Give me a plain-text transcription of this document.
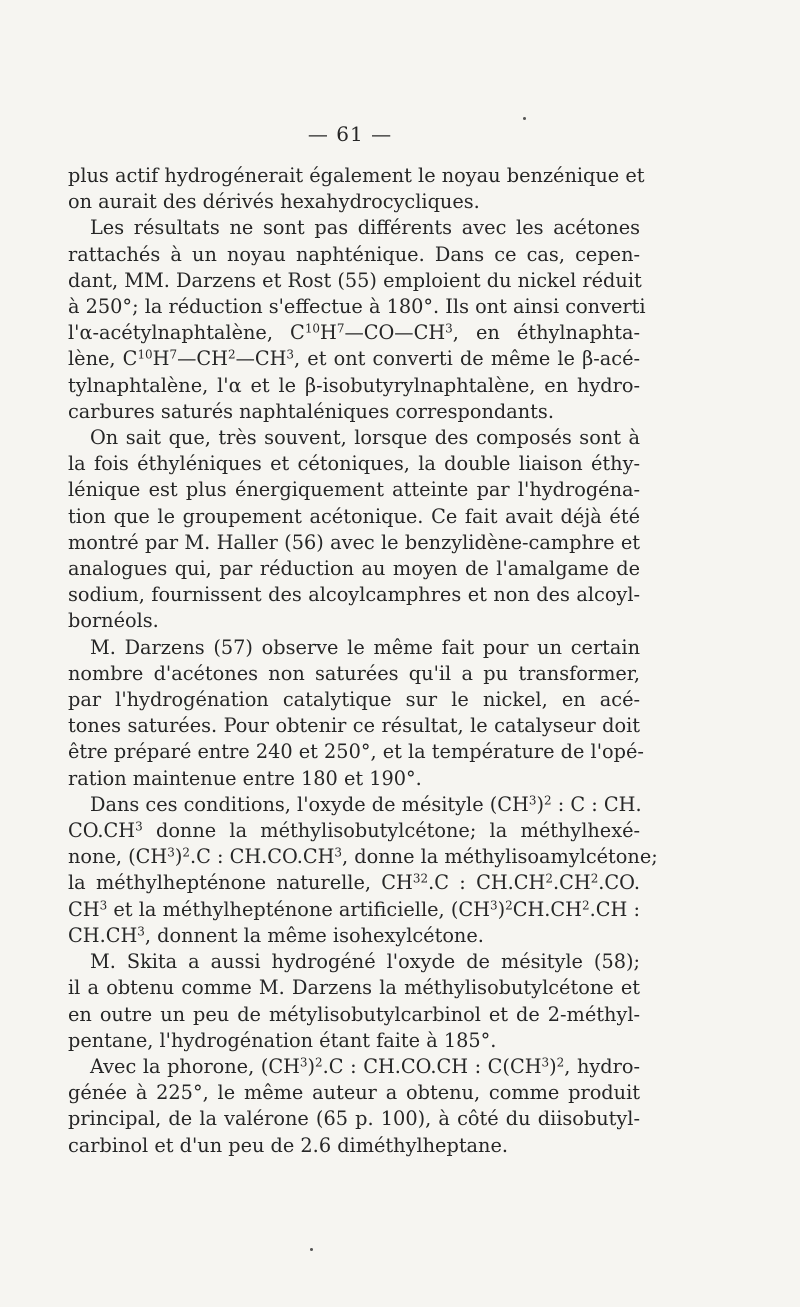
— 61 —
plus actif hydrogénerait également le noyau benzénique et
on aurait des dérivés hexahydrocycliques.
Les résultats ne sont pas différents avec les acétones
rattachés à un noyau naphténique. Dans ce cas, cepen-
dant, MM. Darzens et Rost (55) emploient du nickel réduit
à 250°; la réduction s'effectue à 180°. Ils ont ainsi converti
l'α-acétylnaphtalène, $C^{10}H^7—CO—CH^3$, en éthylnaphta-
lène, $C^{10}H^7—CH^2—CH^3$, et ont converti de même le β-acé-
tylnaphtalène, l'α et le β-isobutyrylnaphtalène, en hydro-
carbures saturés naphtaléniques correspondants.
On sait que, très souvent, lorsque des composés sont à
la fois éthyléniques et cétoniques, la double liaison éthy-
lénique est plus énergiquement atteinte par l'hydrogéna-
tion que le groupement acétonique. Ce fait avait déjà été
montré par M. Haller (56) avec le benzylidène-camphre et
analogues qui, par réduction au moyen de l'amalgame de
sodium, fournissent des alcoylcamphres et non des alcoyl-
bornéols.
M. Darzens (57) observe le même fait pour un certain
nombre d'acétones non saturées qu'il a pu transformer,
par l'hydrogénation catalytique sur le nickel, en acé-
tones saturées. Pour obtenir ce résultat, le catalyseur doit
être préparé entre 240 et 250°, et la température de l'opé-
ration maintenue entre 180 et 190°.
Dans ces conditions, l'oxyde de mésityle $(CH^3)^2$ : C : CH.
$CO.CH^3$ donne la méthylisobutylcétone; la méthylhexé-
none, $(CH^3)^2.C$ : $CH.CO.CH^3$, donne la méthylisoamylcétone;
la méthylhepténone naturelle, CH$^{32}$.C : $CH.CH^2.CH^2.CO$.
$CH^3$ et la méthylhepténone artificielle, $(CH^3)^2CH.CH^2.CH$ :
$CH.CH^3$, donnent la même isohexylcétone.
M. Skita a aussi hydrogéné l'oxyde de mésityle (58);
il a obtenu comme M. Darzens la méthylisobutylcétone et
en outre un peu de métylisobutylcarbinol et de 2-méthyl-
pentane, l'hydrogénation étant faite à 185°.
Avec la phorone, $(CH^3)^2.C$ : CH.CO.CH : $C(CH^3)^2$, hydro-
génée à 225°, le même auteur a obtenu, comme produit
principal, de la valérone (65 p. 100), à côté du diisobutyl-
carbinol et d'un peu de 2.6 diméthylheptane.
